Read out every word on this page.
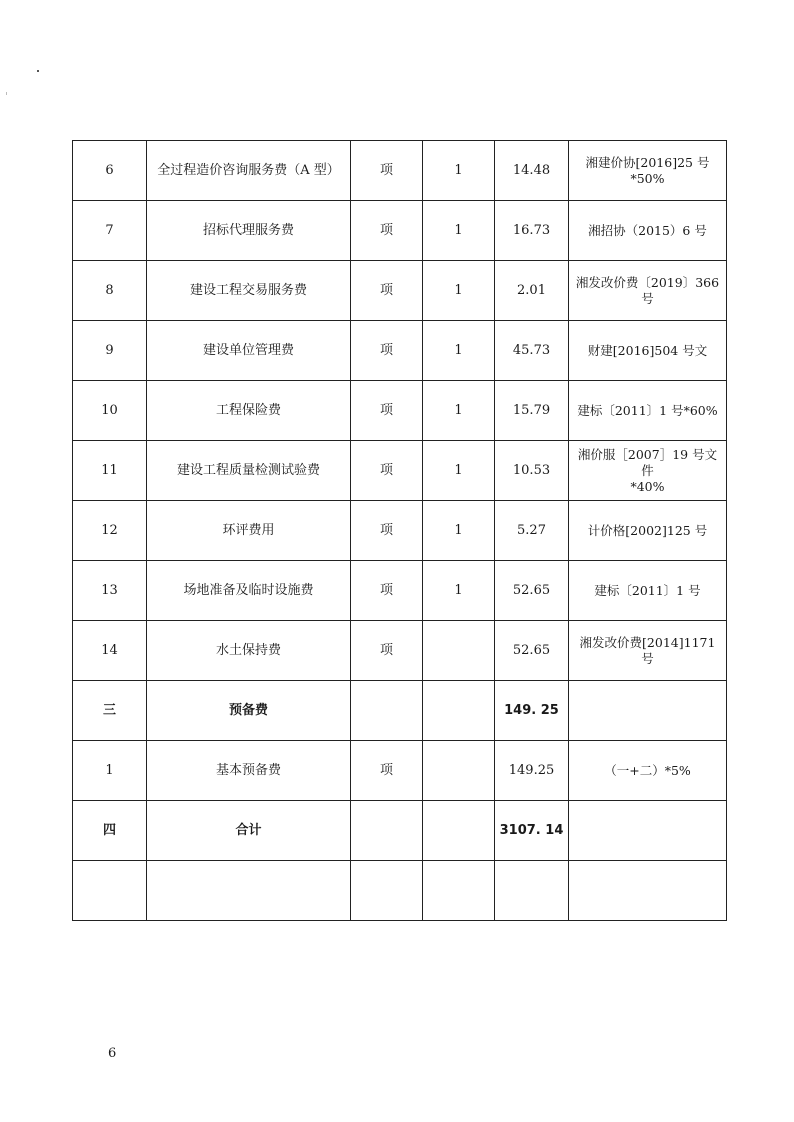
6	全过程造价咨询服务费（A 型）	项	1	14.48	湘建价协[2016]25 号
*50%
7	招标代理服务费	项	1	16.73	湘招协（2015）6 号
8	建设工程交易服务费	项	1	2.01	湘发改价费〔2019〕366 号
9	建设单位管理费	项	1	45.73	财建[2016]504 号文
10	工程保险费	项	1	15.79	建标〔2011〕1 号*60%
11	建设工程质量检测试验费	项	1	10.53	湘价服［2007］19 号文件
*40%
12	环评费用	项	1	5.27	计价格[2002]125 号
13	场地准备及临时设施费	项	1	52.65	建标〔2011〕1 号
14	水土保持费	项		52.65	湘发改价费[2014]1171 号
三	预备费			149. 25	
1	基本预备费	项		149.25	（一+二）*5%
四	合计			3107. 14	

6
